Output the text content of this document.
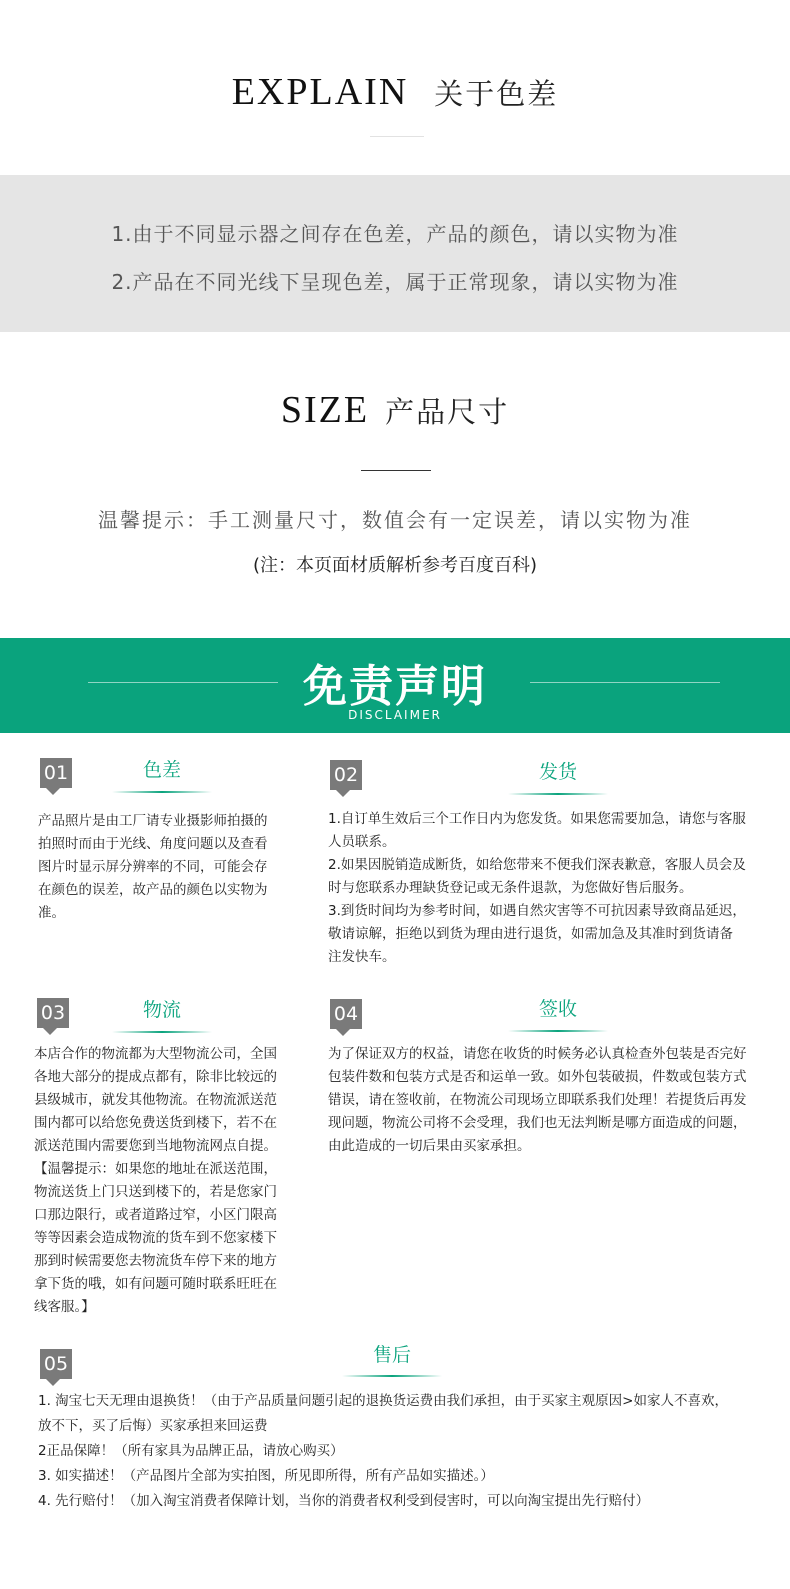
EXPLAIN 关于色差
1.由于不同显示器之间存在色差，产品的颜色，请以实物为准
2.产品在不同光线下呈现色差，属于正常现象，请以实物为准
SIZE 产品尺寸
温馨提示：手工测量尺寸，数值会有一定误差，请以实物为准
(注：本页面材质解析参考百度百科)
免责声明
DISCLAIMER
01	色差
产品照片是由工厂请专业摄影师拍摄的
拍照时而由于光线、角度问题以及查看
图片时显示屏分辨率的不同，可能会存
在颜色的误差，故产品的颜色以实物为
准。
02	发货
1.自订单生效后三个工作日内为您发货。如果您需要加急，请您与客服
人员联系。
2.如果因脱销造成断货，如给您带来不便我们深表歉意，客服人员会及
时与您联系办理缺货登记或无条件退款，为您做好售后服务。
3.到货时间均为参考时间，如遇自然灾害等不可抗因素导致商品延迟，
敬请谅解，拒绝以到货为理由进行退货，如需加急及其准时到货请备
注发快车。
03	物流
本店合作的物流都为大型物流公司，全国
各地大部分的提成点都有，除非比较远的
县级城市，就发其他物流。在物流派送范
围内都可以给您免费送货到楼下，若不在
派送范围内需要您到当地物流网点自提。
【温馨提示：如果您的地址在派送范围，
物流送货上门只送到楼下的，若是您家门
口那边限行，或者道路过窄，小区门限高
等等因素会造成物流的货车到不您家楼下
那到时候需要您去物流货车停下来的地方
拿下货的哦，如有问题可随时联系旺旺在
线客服。】
04	签收
为了保证双方的权益，请您在收货的时候务必认真检查外包装是否完好
包装件数和包装方式是否和运单一致。如外包装破损，件数或包装方式
错误，请在签收前，在物流公司现场立即联系我们处理！若提货后再发
现问题，物流公司将不会受理，我们也无法判断是哪方面造成的问题，
由此造成的一切后果由买家承担。
05	售后
1. 淘宝七天无理由退换货！（由于产品质量问题引起的退换货运费由我们承担，由于买家主观原因>如家人不喜欢，
放不下，买了后悔）买家承担来回运费
2正品保障！（所有家具为品牌正品，请放心购买）
3. 如实描述！（产品图片全部为实拍图，所见即所得，所有产品如实描述。）
4. 先行赔付！（加入淘宝消费者保障计划，当你的消费者权利受到侵害时，可以向淘宝提出先行赔付）
